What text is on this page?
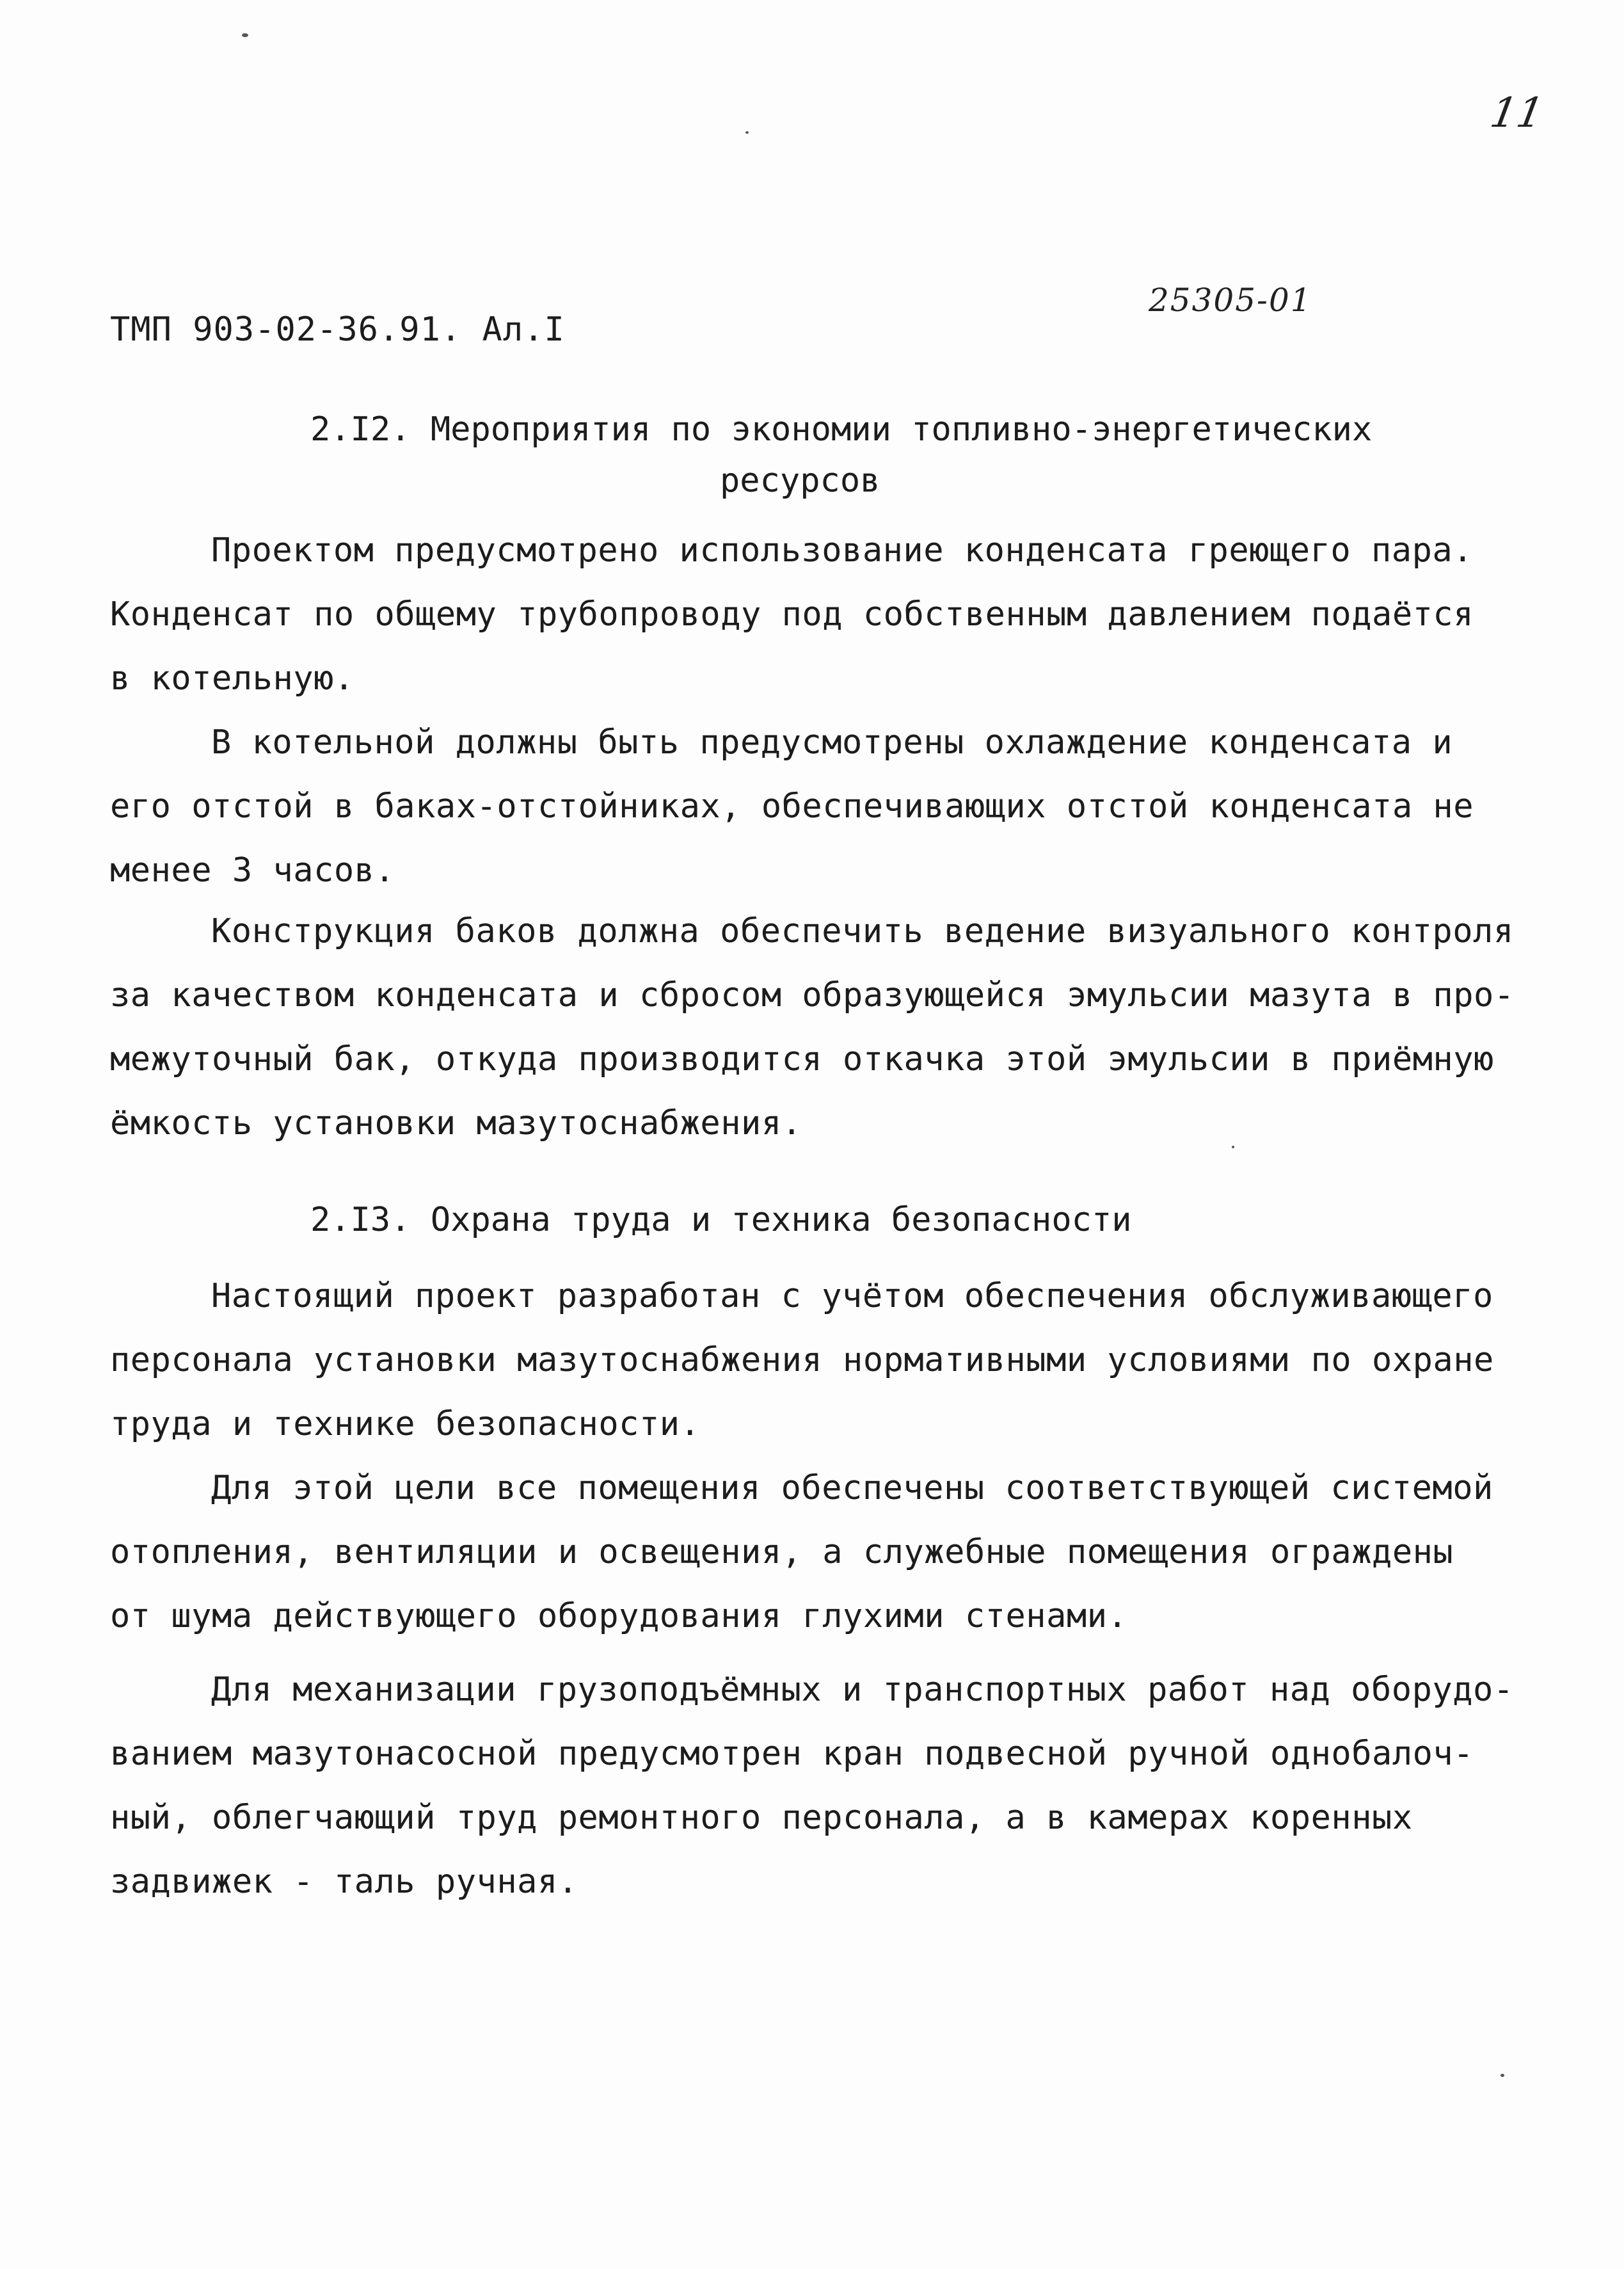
11
25305-01
ТМП 903-02-36.91. Ал.I
2.I2. Мероприятия по экономии топливно-энергетических
ресурсов
Проектом предусмотрено использование конденсата греющего пара.
Конденсат по общему трубопроводу под собственным давлением подаётся
в котельную.
В котельной должны быть предусмотрены охлаждение конденсата и
его отстой в баках-отстойниках, обеспечивающих отстой конденсата не
менее 3 часов.
Конструкция баков должна обеспечить ведение визуального контроля
за качеством конденсата и сбросом образующейся эмульсии мазута в про-
межуточный бак, откуда производится откачка этой эмульсии в приёмную
ёмкость установки мазутоснабжения.
2.I3. Охрана труда и техника безопасности
Настоящий проект разработан с учётом обеспечения обслуживающего
персонала установки мазутоснабжения нормативными условиями по охране
труда и технике безопасности.
Для этой цели все помещения обеспечены соответствующей системой
отопления, вентиляции и освещения, а служебные помещения ограждены
от шума действующего оборудования глухими стенами.
Для механизации грузоподъёмных и транспортных работ над оборудо-
ванием мазутонасосной предусмотрен кран подвесной ручной однобалоч-
ный, облегчающий труд ремонтного персонала, а в камерах коренных
задвижек - таль ручная.
